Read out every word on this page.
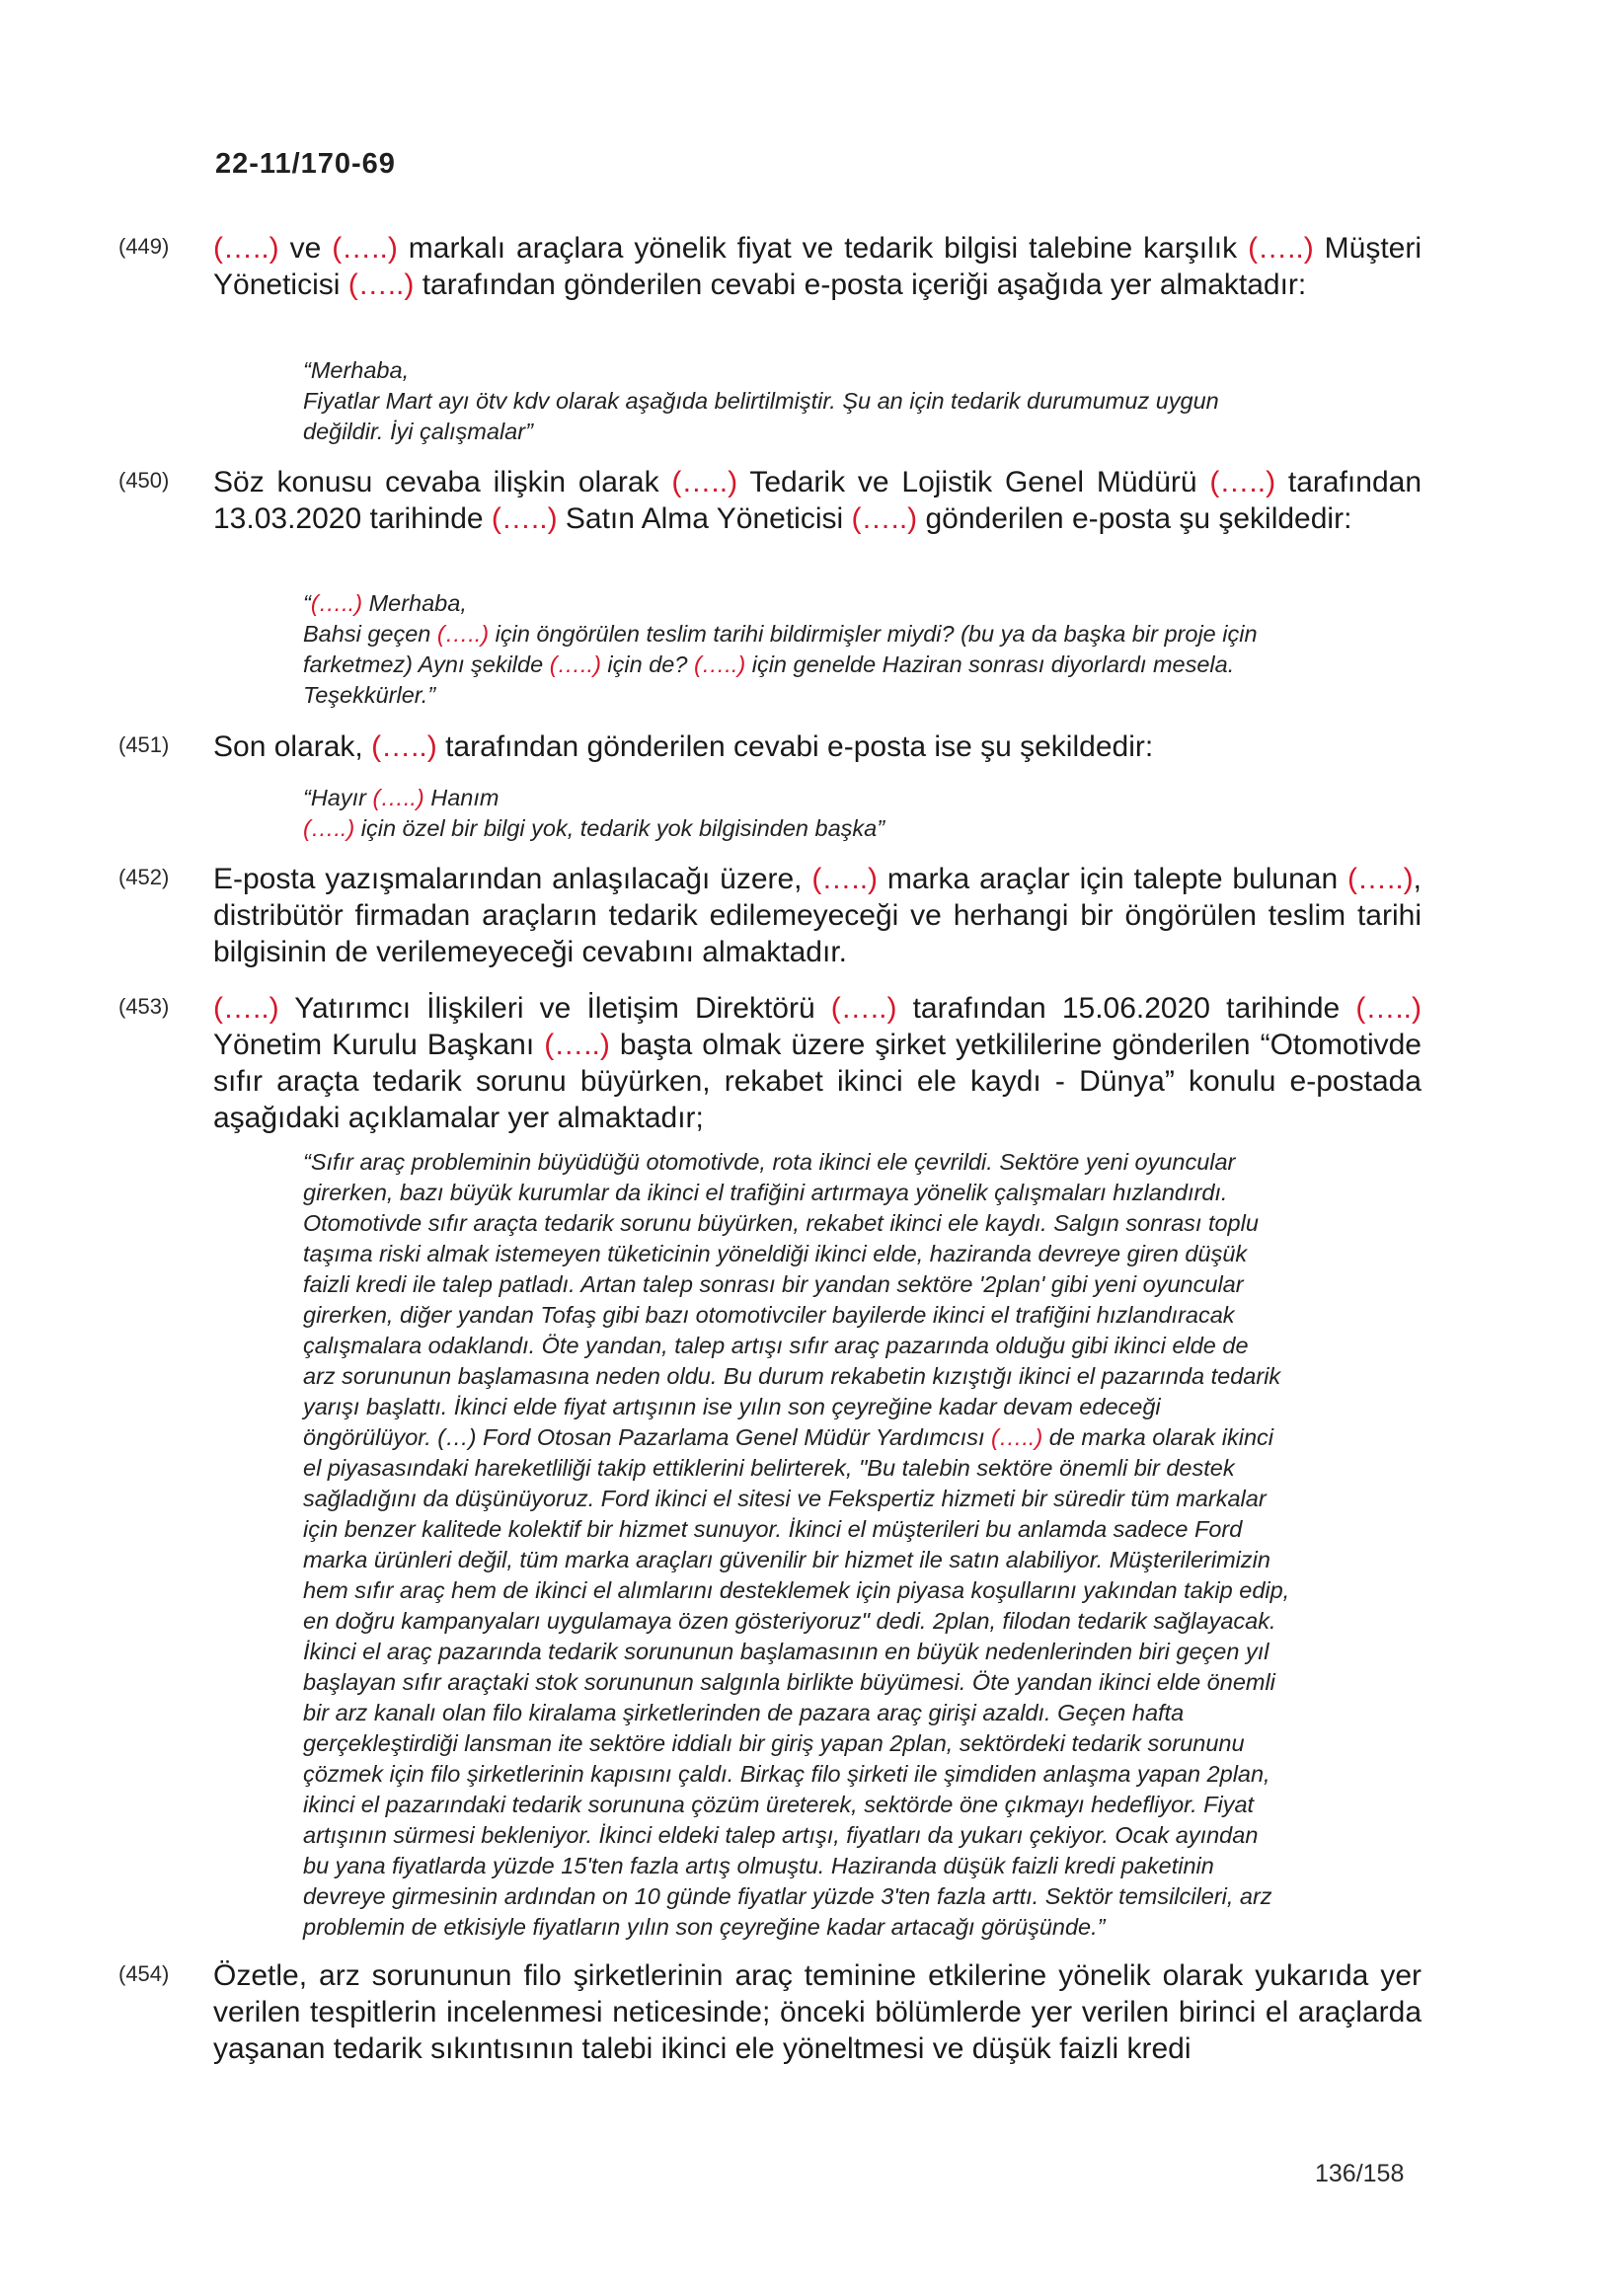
22-11/170-69
(449) (…..) ve (…..) markalı araçlara yönelik fiyat ve tedarik bilgisi talebine karşılık (…..) Müşteri Yöneticisi (…..) tarafından gönderilen cevabi e-posta içeriği aşağıda yer almaktadır:
“Merhaba,
Fiyatlar Mart ayı ötv kdv olarak aşağıda belirtilmiştir. Şu an için tedarik durumumuz uygun
değildir. İyi çalışmalar”
(450) Söz konusu cevaba ilişkin olarak (…..) Tedarik ve Lojistik Genel Müdürü (…..) tarafından 13.03.2020 tarihinde (…..) Satın Alma Yöneticisi (…..) gönderilen e-posta şu şekildedir:
“(…..) Merhaba,
Bahsi geçen (…..) için öngörülen teslim tarihi bildirmişler miydi? (bu ya da başka bir proje için
farketmez) Aynı şekilde (…..) için de? (…..) için genelde Haziran sonrası diyorlardı mesela.
Teşekkürler.”
(451) Son olarak, (…..) tarafından gönderilen cevabi e-posta ise şu şekildedir:
“Hayır (…..) Hanım
(…..) için özel bir bilgi yok, tedarik yok bilgisinden başka”
(452) E-posta yazışmalarından anlaşılacağı üzere, (…..) marka araçlar için talepte bulunan (…..), distribütör firmadan araçların tedarik edilemeyeceği ve herhangi bir öngörülen teslim tarihi bilgisinin de verilemeyeceği cevabını almaktadır.
(453) (…..) Yatırımcı İlişkileri ve İletişim Direktörü (…..) tarafından 15.06.2020 tarihinde (…..) Yönetim Kurulu Başkanı (…..) başta olmak üzere şirket yetkililerine gönderilen “Otomotivde sıfır araçta tedarik sorunu büyürken, rekabet ikinci ele kaydı - Dünya” konulu e-postada aşağıdaki açıklamalar yer almaktadır;
“Sıfır araç probleminin büyüdüğü otomotivde, rota ikinci ele çevrildi. Sektöre yeni oyuncular
girerken, bazı büyük kurumlar da ikinci el trafiğini artırmaya yönelik çalışmaları hızlandırdı.
Otomotivde sıfır araçta tedarik sorunu büyürken, rekabet ikinci ele kaydı. Salgın sonrası toplu
taşıma riski almak istemeyen tüketicinin yöneldiği ikinci elde, haziranda devreye giren düşük
faizli kredi ile talep patladı. Artan talep sonrası bir yandan sektöre '2plan' gibi yeni oyuncular
girerken, diğer yandan Tofaş gibi bazı otomotivciler bayilerde ikinci el trafiğini hızlandıracak
çalışmalara odaklandı. Öte yandan, talep artışı sıfır araç pazarında olduğu gibi ikinci elde de
arz sorununun başlamasına neden oldu. Bu durum rekabetin kızıştığı ikinci el pazarında tedarik
yarışı başlattı. İkinci elde fiyat artışının ise yılın son çeyreğine kadar devam edeceği
öngörülüyor. (…) Ford Otosan Pazarlama Genel Müdür Yardımcısı (…..) de marka olarak ikinci
el piyasasındaki hareketliliği takip ettiklerini belirterek, "Bu talebin sektöre önemli bir destek
sağladığını da düşünüyoruz. Ford ikinci el sitesi ve Fekspertiz hizmeti bir süredir tüm markalar
için benzer kalitede kolektif bir hizmet sunuyor. İkinci el müşterileri bu anlamda sadece Ford
marka ürünleri değil, tüm marka araçları güvenilir bir hizmet ile satın alabiliyor. Müşterilerimizin
hem sıfır araç hem de ikinci el alımlarını desteklemek için piyasa koşullarını yakından takip edip,
en doğru kampanyaları uygulamaya özen gösteriyoruz" dedi. 2plan, filodan tedarik sağlayacak.
İkinci el araç pazarında tedarik sorununun başlamasının en büyük nedenlerinden biri geçen yıl
başlayan sıfır araçtaki stok sorununun salgınla birlikte büyümesi. Öte yandan ikinci elde önemli
bir arz kanalı olan filo kiralama şirketlerinden de pazara araç girişi azaldı. Geçen hafta
gerçekleştirdiği lansman ite sektöre iddialı bir giriş yapan 2plan, sektördeki tedarik sorununu
çözmek için filo şirketlerinin kapısını çaldı. Birkaç filo şirketi ile şimdiden anlaşma yapan 2plan,
ikinci el pazarındaki tedarik sorununa çözüm üreterek, sektörde öne çıkmayı hedefliyor. Fiyat
artışının sürmesi bekleniyor. İkinci eldeki talep artışı, fiyatları da yukarı çekiyor. Ocak ayından
bu yana fiyatlarda yüzde 15'ten fazla artış olmuştu. Haziranda düşük faizli kredi paketinin
devreye girmesinin ardından on 10 günde fiyatlar yüzde 3'ten fazla arttı. Sektör temsilcileri, arz
problemin de etkisiyle fiyatların yılın son çeyreğine kadar artacağı görüşünde.”
(454) Özetle, arz sorununun filo şirketlerinin araç teminine etkilerine yönelik olarak yukarıda yer verilen tespitlerin incelenmesi neticesinde; önceki bölümlerde yer verilen birinci el araçlarda yaşanan tedarik sıkıntısının talebi ikinci ele yöneltmesi ve düşük faizli kredi
136/158
